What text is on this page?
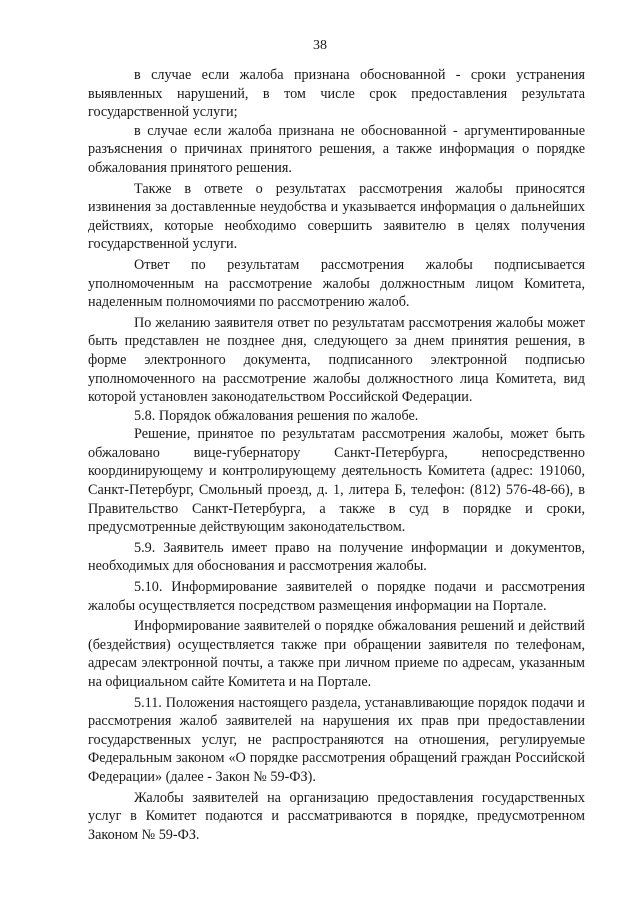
38

в случае если жалоба признана обоснованной - сроки устранения выявленных нарушений, в том числе срок предоставления результата государственной услуги;

в случае если жалоба признана не обоснованной - аргументированные разъяснения о причинах принятого решения, а также информация о порядке обжалования принятого решения.

Также в ответе о результатах рассмотрения жалобы приносятся извинения за доставленные неудобства и указывается информация о дальнейших действиях, которые необходимо совершить заявителю в целях получения государственной услуги.

Ответ по результатам рассмотрения жалобы подписывается уполномоченным на рассмотрение жалобы должностным лицом Комитета, наделенным полномочиями по рассмотрению жалоб.

По желанию заявителя ответ по результатам рассмотрения жалобы может быть представлен не позднее дня, следующего за днем принятия решения, в форме электронного документа, подписанного электронной подписью уполномоченного на рассмотрение жалобы должностного лица Комитета, вид которой установлен законодательством Российской Федерации.

5.8. Порядок обжалования решения по жалобе.

Решение, принятое по результатам рассмотрения жалобы, может быть обжаловано вице-губернатору Санкт-Петербурга, непосредственно координирующему и контролирующему деятельность Комитета (адрес: 191060, Санкт-Петербург, Смольный проезд, д. 1, литера Б, телефон: (812) 576-48-66), в Правительство Санкт-Петербурга, а также в суд в порядке и сроки, предусмотренные действующим законодательством.

5.9. Заявитель имеет право на получение информации и документов, необходимых для обоснования и рассмотрения жалобы.

5.10. Информирование заявителей о порядке подачи и рассмотрения жалобы осуществляется посредством размещения информации на Портале.

Информирование заявителей о порядке обжалования решений и действий (бездействия) осуществляется также при обращении заявителя по телефонам, адресам электронной почты, а также при личном приеме по адресам, указанным на официальном сайте Комитета и на Портале.

5.11. Положения настоящего раздела, устанавливающие порядок подачи и рассмотрения жалоб заявителей на нарушения их прав при предоставлении государственных услуг, не распространяются на отношения, регулируемые Федеральным законом «О порядке рассмотрения обращений граждан Российской Федерации» (далее - Закон № 59-ФЗ).

Жалобы заявителей на организацию предоставления государственных услуг в Комитет подаются и рассматриваются в порядке, предусмотренном Законом № 59-ФЗ.
